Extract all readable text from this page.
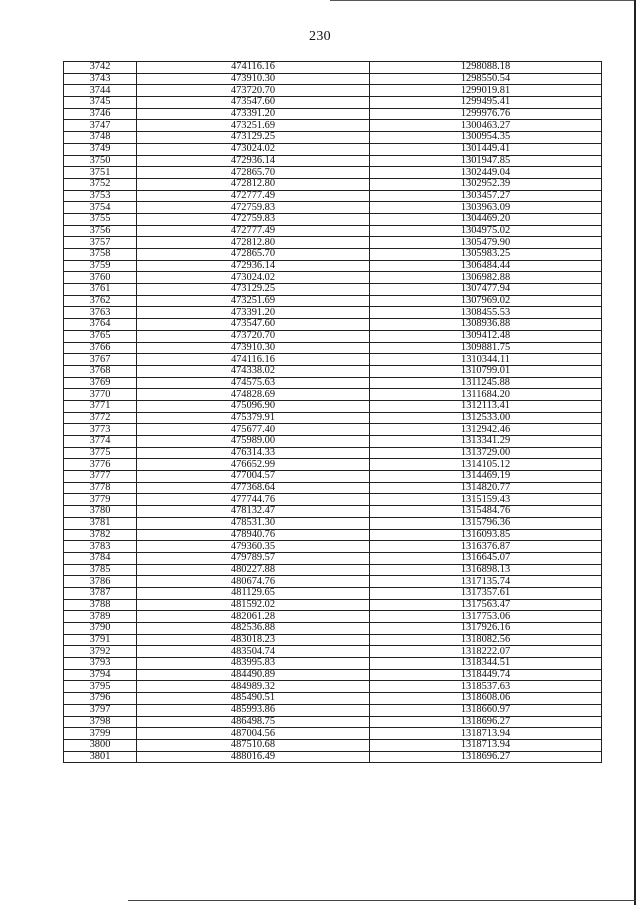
230
3742	474116.16	1298088.18
3743	473910.30	1298550.54
3744	473720.70	1299019.81
3745	473547.60	1299495.41
3746	473391.20	1299976.76
3747	473251.69	1300463.27
3748	473129.25	1300954.35
3749	473024.02	1301449.41
3750	472936.14	1301947.85
3751	472865.70	1302449.04
3752	472812.80	1302952.39
3753	472777.49	1303457.27
3754	472759.83	1303963.09
3755	472759.83	1304469.20
3756	472777.49	1304975.02
3757	472812.80	1305479.90
3758	472865.70	1305983.25
3759	472936.14	1306484.44
3760	473024.02	1306982.88
3761	473129.25	1307477.94
3762	473251.69	1307969.02
3763	473391.20	1308455.53
3764	473547.60	1308936.88
3765	473720.70	1309412.48
3766	473910.30	1309881.75
3767	474116.16	1310344.11
3768	474338.02	1310799.01
3769	474575.63	1311245.88
3770	474828.69	1311684.20
3771	475096.90	1312113.41
3772	475379.91	1312533.00
3773	475677.40	1312942.46
3774	475989.00	1313341.29
3775	476314.33	1313729.00
3776	476652.99	1314105.12
3777	477004.57	1314469.19
3778	477368.64	1314820.77
3779	477744.76	1315159.43
3780	478132.47	1315484.76
3781	478531.30	1315796.36
3782	478940.76	1316093.85
3783	479360.35	1316376.87
3784	479789.57	1316645.07
3785	480227.88	1316898.13
3786	480674.76	1317135.74
3787	481129.65	1317357.61
3788	481592.02	1317563.47
3789	482061.28	1317753.06
3790	482536.88	1317926.16
3791	483018.23	1318082.56
3792	483504.74	1318222.07
3793	483995.83	1318344.51
3794	484490.89	1318449.74
3795	484989.32	1318537.63
3796	485490.51	1318608.06
3797	485993.86	1318660.97
3798	486498.75	1318696.27
3799	487004.56	1318713.94
3800	487510.68	1318713.94
3801	488016.49	1318696.27
